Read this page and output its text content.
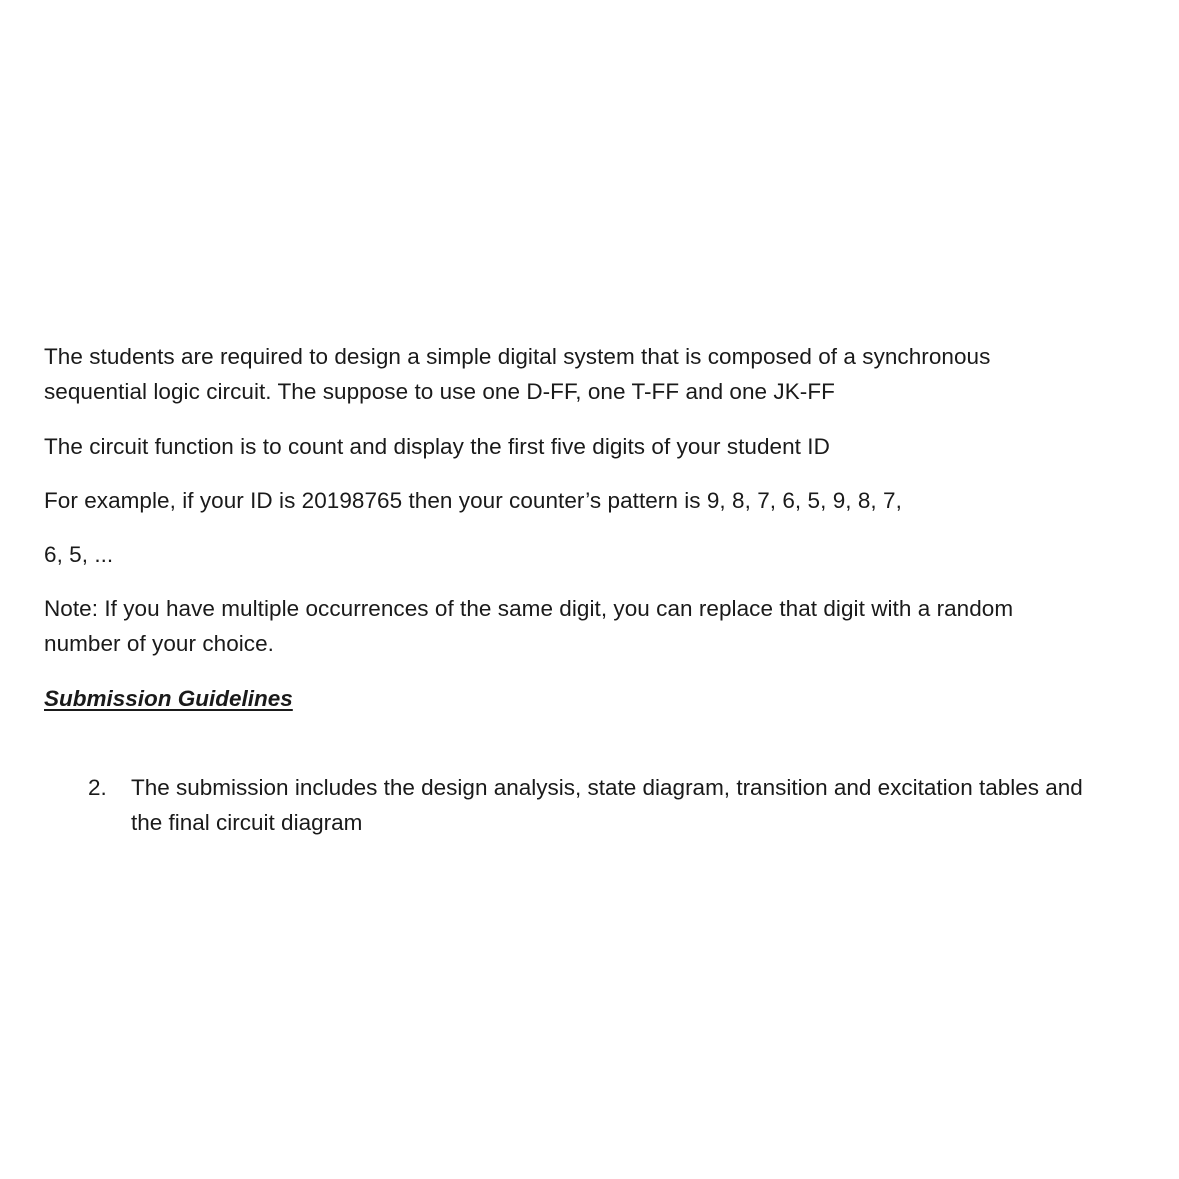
The students are required to design a simple digital system that is composed of a synchronous

sequential logic circuit. The suppose to use one D-FF, one T-FF and one JK-FF

The circuit function is to count and display the first five digits of your student ID

For example, if your ID is 20198765 then your counter’s pattern is 9, 8, 7, 6, 5, 9, 8, 7,

6, 5, ...

Note: If you have multiple occurrences of the same digit, you can replace that digit with a random

number of your choice.

Submission Guidelines

2.	The submission includes the design analysis, state diagram, transition and excitation tables and
the final circuit diagram
